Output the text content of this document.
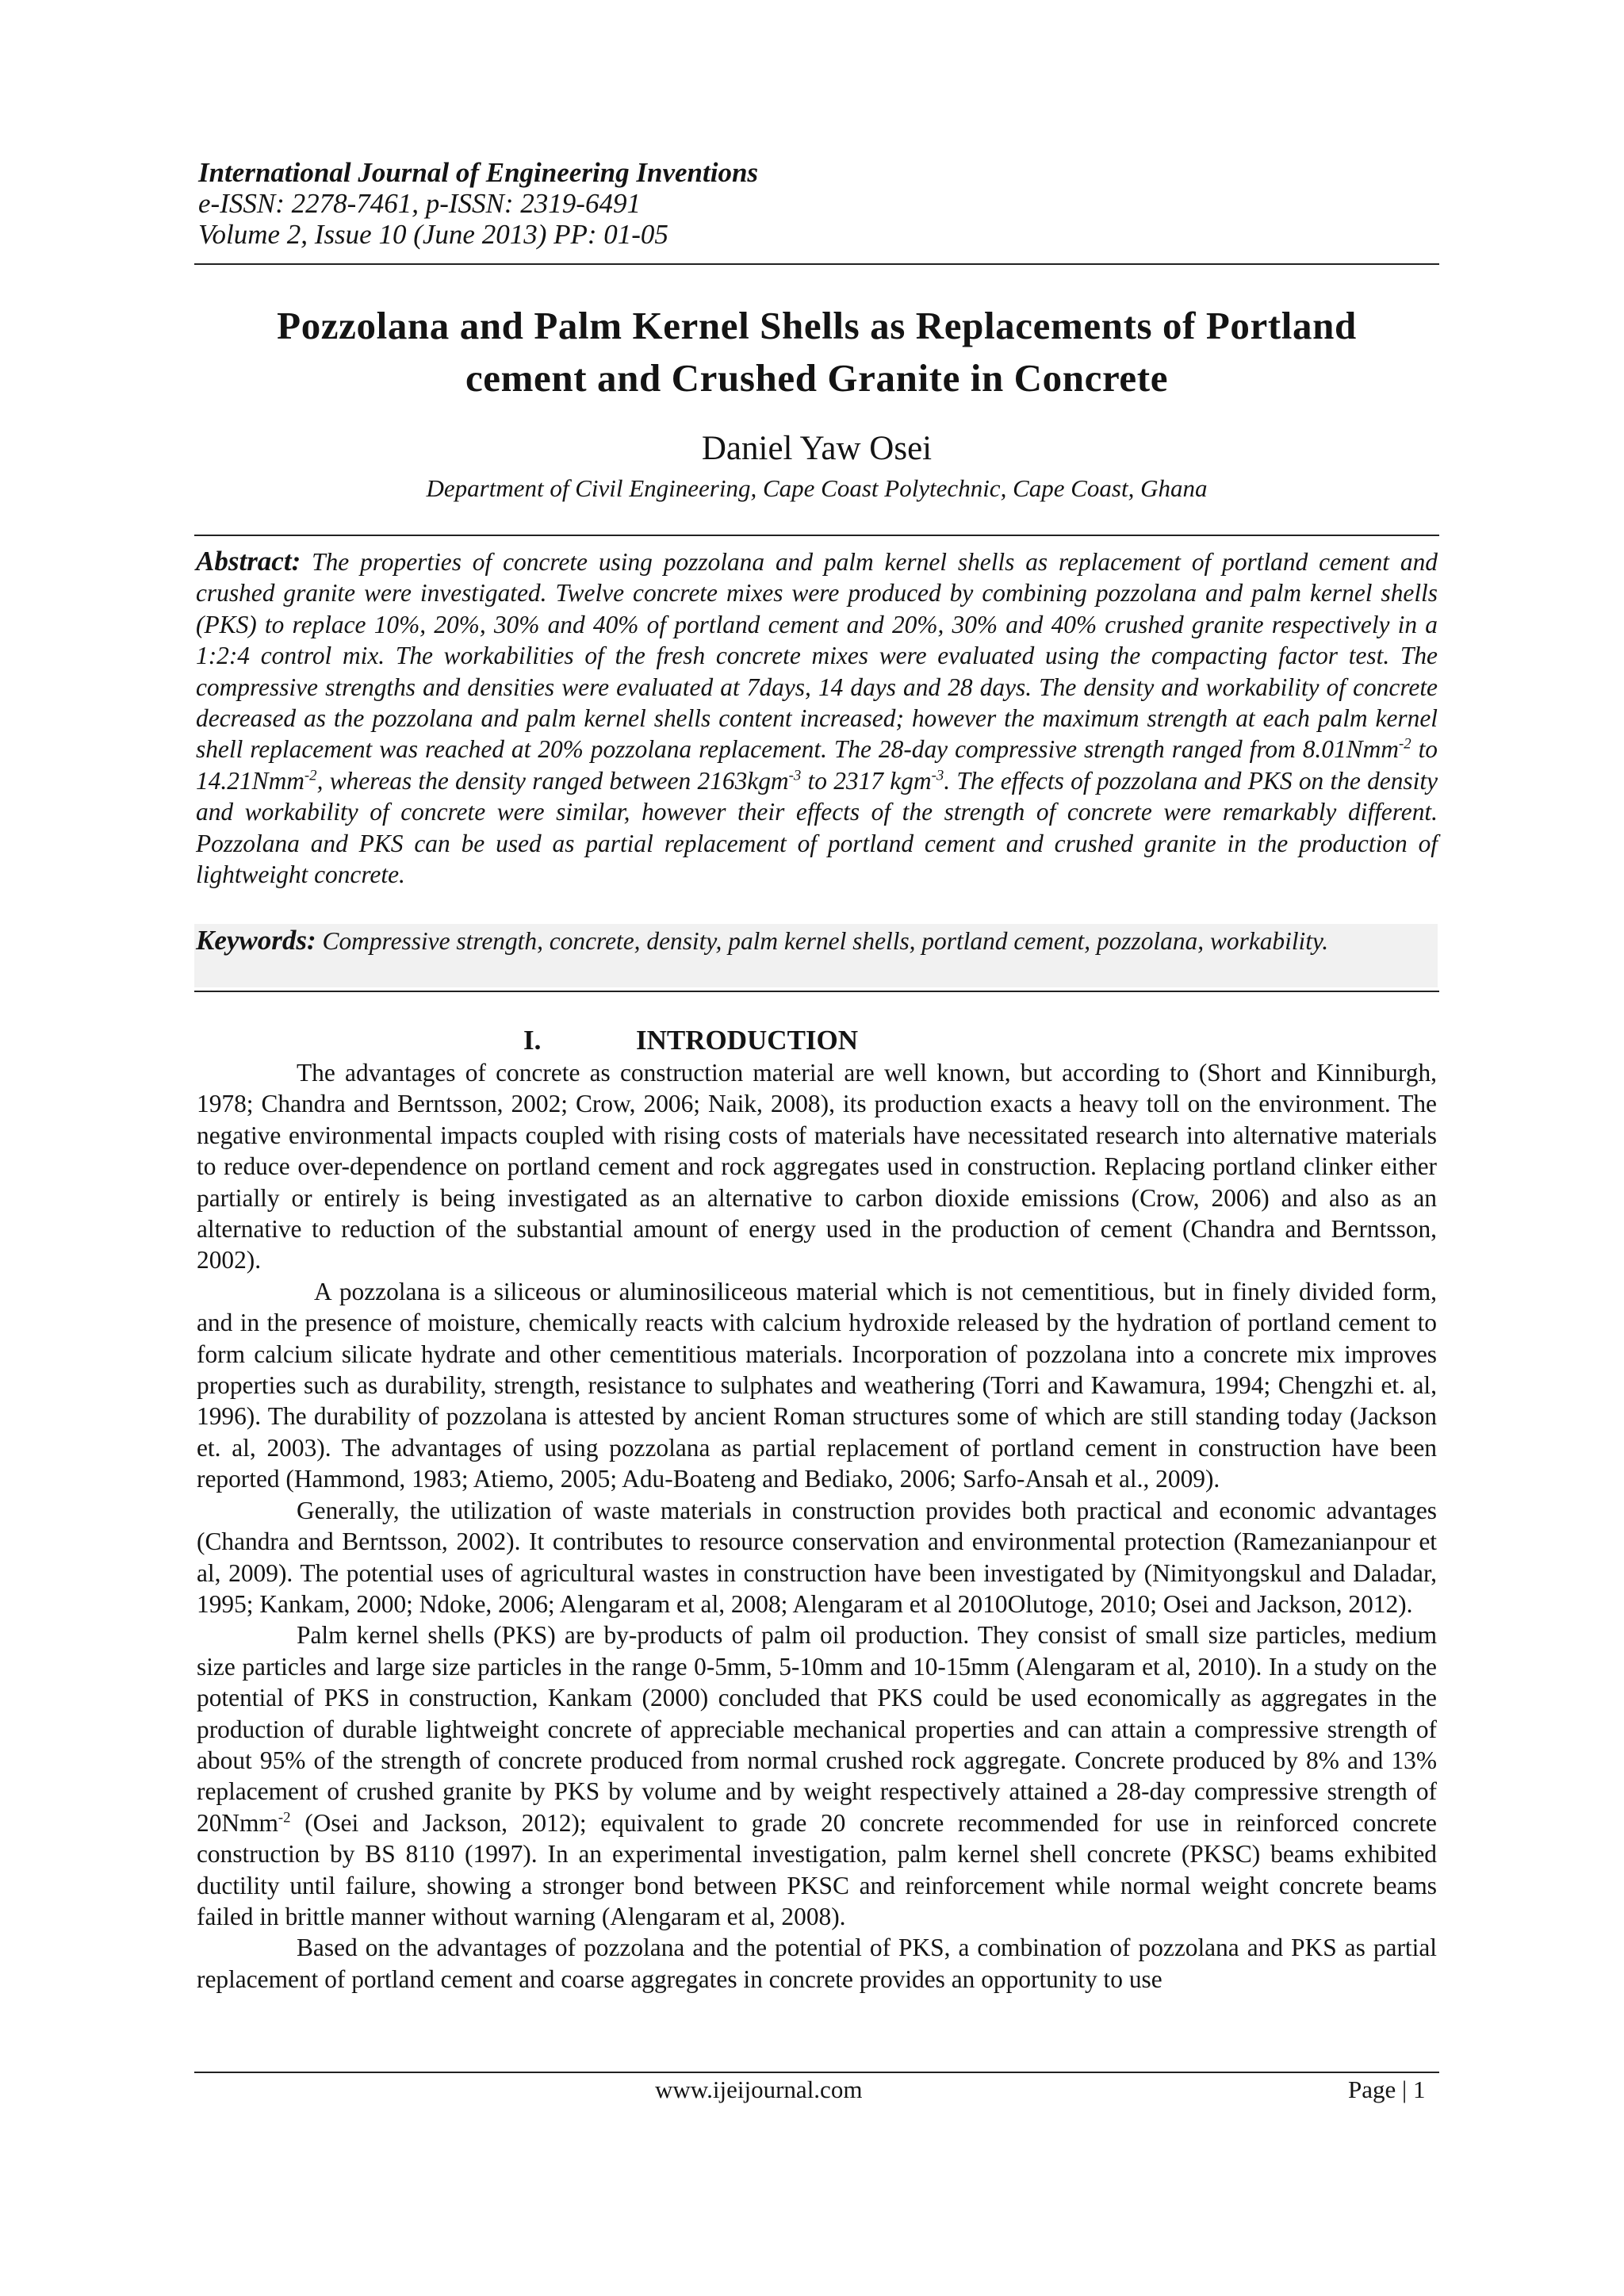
International Journal of Engineering Inventions
e-ISSN: 2278-7461, p-ISSN: 2319-6491
Volume 2, Issue 10 (June 2013) PP: 01-05
Pozzolana and Palm Kernel Shells as Replacements of Portland
cement and Crushed Granite in Concrete
Daniel Yaw Osei
Department of Civil Engineering, Cape Coast Polytechnic, Cape Coast, Ghana
Abstract: The properties of concrete using pozzolana and palm kernel shells as replacement of portland cement and crushed granite were investigated. Twelve concrete mixes were produced by combining pozzolana and palm kernel shells (PKS) to replace 10%, 20%, 30% and 40% of portland cement and 20%, 30% and 40% crushed granite respectively in a 1:2:4 control mix. The workabilities of the fresh concrete mixes were evaluated using the compacting factor test. The compressive strengths and densities were evaluated at 7days, 14 days and 28 days. The density and workability of concrete decreased as the pozzolana and palm kernel shells content increased; however the maximum strength at each palm kernel shell replacement was reached at 20% pozzolana replacement. The 28-day compressive strength ranged from 8.01Nmm$^{-2}$ to 14.21Nmm$^{-2}$, whereas the density ranged between 2163kgm$^{-3}$ to 2317 kgm$^{-3}$. The effects of pozzolana and PKS on the density and workability of concrete were similar, however their effects of the strength of concrete were remarkably different. Pozzolana and PKS can be used as partial replacement of portland cement and crushed granite in the production of lightweight concrete.
Keywords: Compressive strength, concrete, density, palm kernel shells, portland cement, pozzolana, workability.
I.	INTRODUCTION

The advantages of concrete as construction material are well known, but according to (Short and Kinniburgh, 1978; Chandra and Berntsson, 2002; Crow, 2006; Naik, 2008), its production exacts a heavy toll on the environment. The negative environmental impacts coupled with rising costs of materials have necessitated research into alternative materials to reduce over-dependence on portland cement and rock aggregates used in construction. Replacing portland clinker either partially or entirely is being investigated as an alternative to carbon dioxide emissions (Crow, 2006) and also as an alternative to reduction of the substantial amount of energy used in the production of cement (Chandra and Berntsson, 2002).

A pozzolana is a siliceous or aluminosiliceous material which is not cementitious, but in finely divided form, and in the presence of moisture, chemically reacts with calcium hydroxide released by the hydration of portland cement to form calcium silicate hydrate and other cementitious materials. Incorporation of pozzolana into a concrete mix improves properties such as durability, strength, resistance to sulphates and weathering (Torri and Kawamura, 1994; Chengzhi et. al, 1996). The durability of pozzolana is attested by ancient Roman structures some of which are still standing today (Jackson et. al, 2003). The advantages of using pozzolana as partial replacement of portland cement in construction have been reported (Hammond, 1983; Atiemo, 2005; Adu-Boateng and Bediako, 2006; Sarfo-Ansah et al., 2009).

Generally, the utilization of waste materials in construction provides both practical and economic advantages (Chandra and Berntsson, 2002). It contributes to resource conservation and environmental protection (Ramezanianpour et al, 2009). The potential uses of agricultural wastes in construction have been investigated by (Nimityongskul and Daladar, 1995; Kankam, 2000; Ndoke, 2006; Alengaram et al, 2008; Alengaram et al 2010Olutoge, 2010; Osei and Jackson, 2012).

Palm kernel shells (PKS) are by-products of palm oil production. They consist of small size particles, medium size particles and large size particles in the range 0-5mm, 5-10mm and 10-15mm (Alengaram et al, 2010). In a study on the potential of PKS in construction, Kankam (2000) concluded that PKS could be used economically as aggregates in the production of durable lightweight concrete of appreciable mechanical properties and can attain a compressive strength of about 95% of the strength of concrete produced from normal crushed rock aggregate. Concrete produced by 8% and 13% replacement of crushed granite by PKS by volume and by weight respectively attained a 28-day compressive strength of 20Nmm$^{-2}$ (Osei and Jackson, 2012); equivalent to grade 20 concrete recommended for use in reinforced concrete construction by BS 8110 (1997). In an experimental investigation, palm kernel shell concrete (PKSC) beams exhibited ductility until failure, showing a stronger bond between PKSC and reinforcement while normal weight concrete beams failed in brittle manner without warning (Alengaram et al, 2008).

Based on the advantages of pozzolana and the potential of PKS, a combination of pozzolana and PKS as partial replacement of portland cement and coarse aggregates in concrete provides an opportunity to use

www.ijeijournal.com	Page | 1
